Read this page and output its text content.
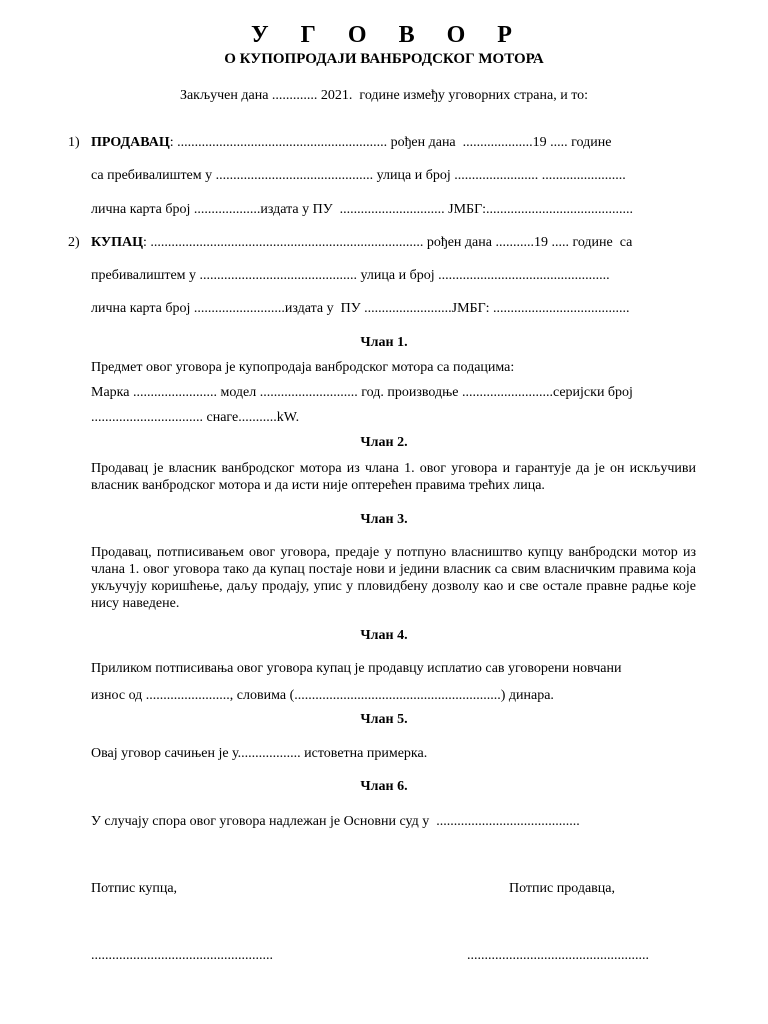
У Г О В О Р
О КУПОПРОДАЈИ ВАНБРОДСКОГ МОТОРА
Закључен дана ............. 2021.  године између уговорних страна, и то:
1) ПРОДАВАЦ: ............................................................ рођен дана  ....................19 ..... године
са пребивалиштем у ............................................. улица и број ........................ ........................
лична карта број ...................издата у ПУ  .............................. ЈМБГ:..........................................
2) КУПАЦ: .............................................................................. рођен дана ...........19 ..... године  са
пребивалиштем у ............................................. улица и број .................................................
лична карта број ..........................издата у  ПУ .........................ЈМБГ: .......................................
Члан 1.
Предмет овог уговора је купопродаја ванбродског мотора са подацима:
Марка ........................ модел ............................ год. производње ..........................серијски број
................................ снаге...........kW.
Члан 2.
Продавац је власник ванбродског мотора из члана 1. овог уговора и гарантује да је он искључиви власник ванбродског мотора и да исти није оптерећен правима трећих лица.
Члан 3.
Продавац, потписивањем овог уговора, предаје у потпуно власништво купцу ванбродски мотор из члана 1. овог уговора тако да купац постаје нови и једини власник са свим власничким правима која укључују коришћење, даљу продају, упис у пловидбену дозволу као и све остале правне радње које нису наведене.
Члан 4.
Приликом потписивања овог уговора купац је продавцу исплатио сав уговорени новчани
износ од ........................, словима (...........................................................) динара.
Члан 5.
Овај уговор сачињен је у.................. истоветна примерка.
Члан 6.
У случају спора овог уговора надлежан је Основни суд у  .........................................
Потпис купца,	Потпис продавца,
....................................................	....................................................
